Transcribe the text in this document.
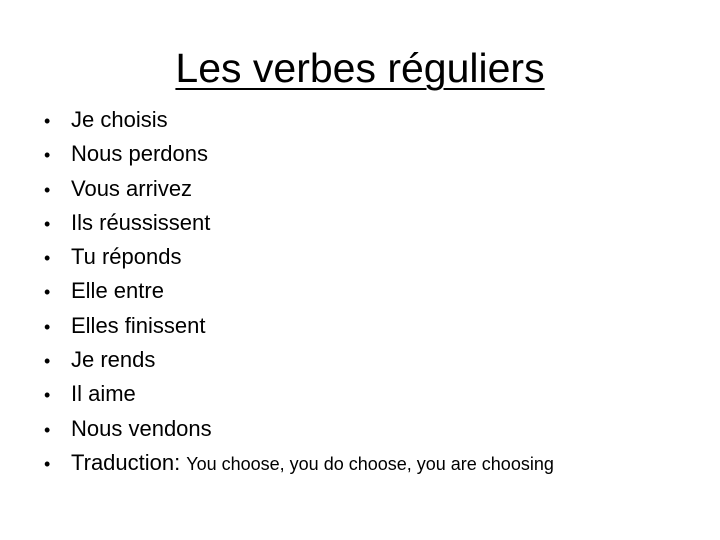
Les verbes réguliers
• Je choisis
• Nous perdons
• Vous arrivez
• Ils réussissent
• Tu réponds
• Elle entre
• Elles finissent
• Je rends
• Il aime
• Nous vendons
• Traduction: You choose, you do choose, you are choosing
